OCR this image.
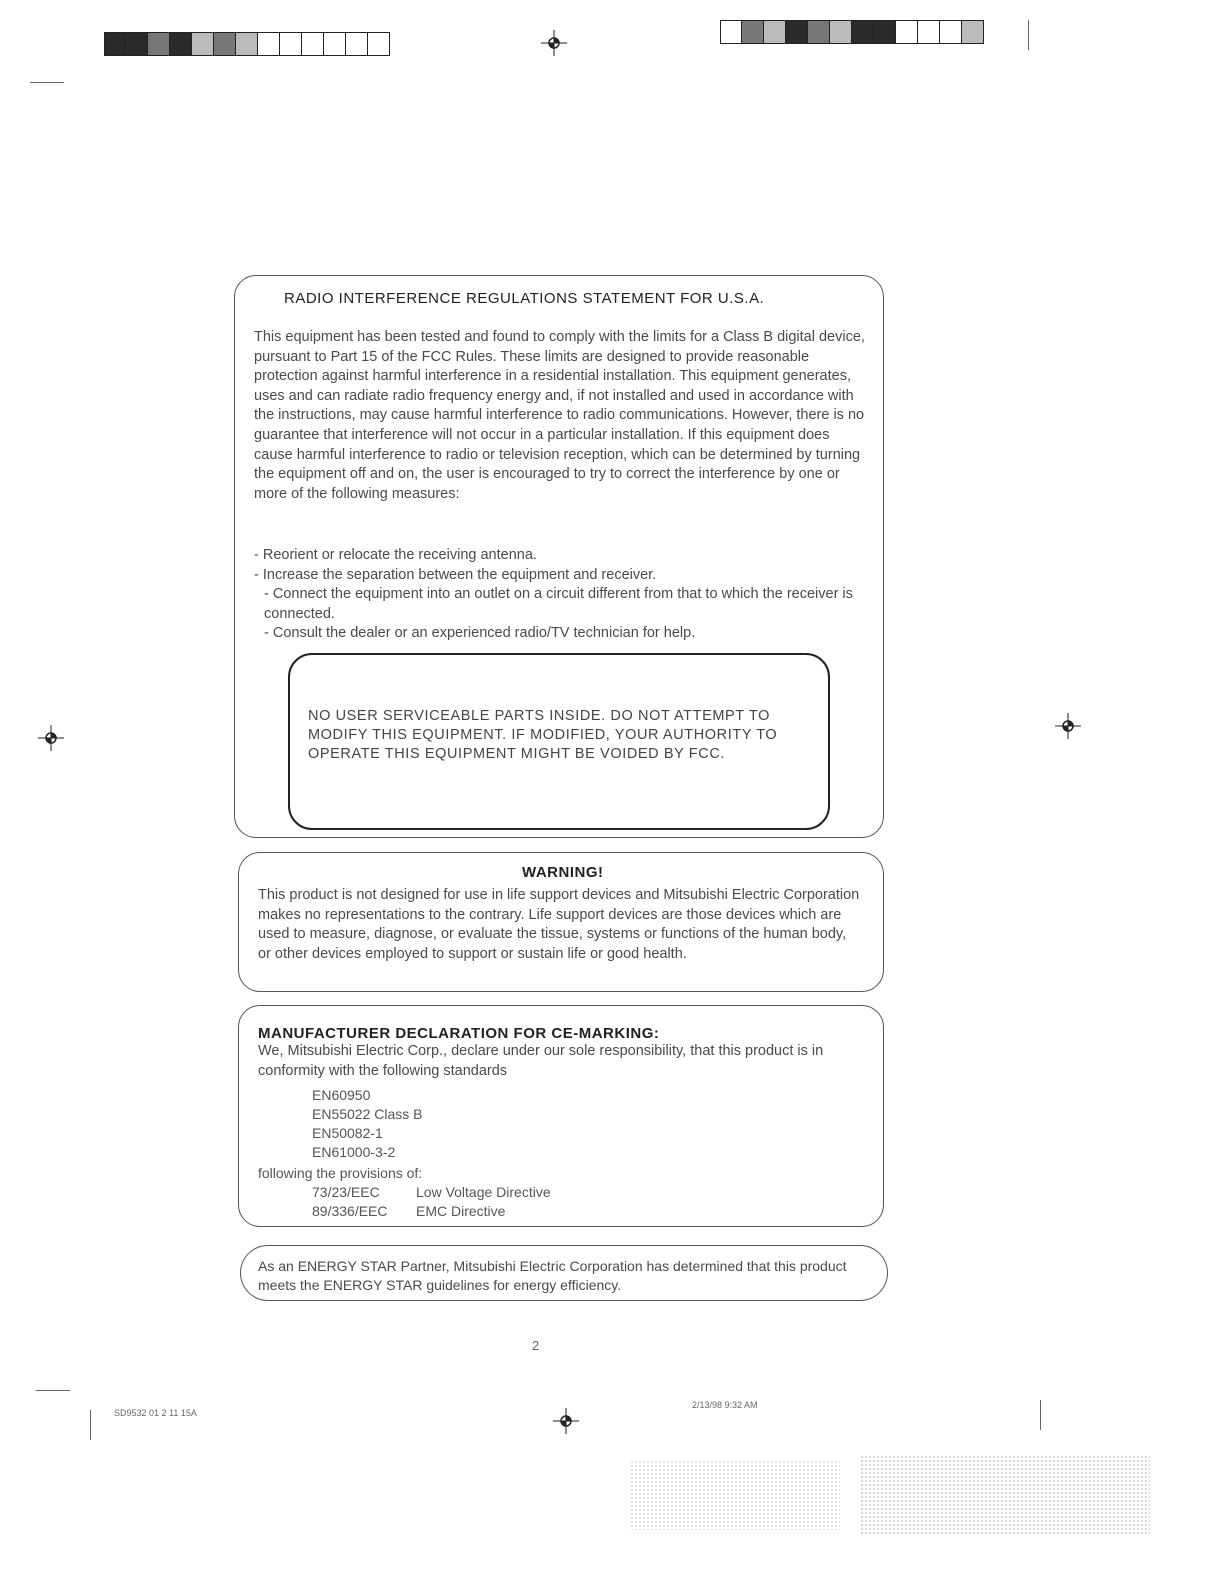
RADIO INTERFERENCE REGULATIONS STATEMENT FOR U.S.A.
This equipment has been tested and found to comply with the limits for a Class B digital device, pursuant to Part 15 of the FCC Rules. These limits are designed to provide reasonable protection against harmful interference in a residential installation. This equipment generates, uses and can radiate radio frequency energy and, if not installed and used in accordance with the instructions, may cause harmful interference to radio communications. However, there is no guarantee that interference will not occur in a particular installation. If this equipment does cause harmful interference to radio or television reception, which can be determined by turning the equipment off and on, the user is encouraged to try to correct the interference by one or more of the following measures:
- Reorient or relocate the receiving antenna.
- Increase the separation between the equipment and receiver.
- Connect the equipment into an outlet on a circuit different from that to which the receiver is connected.
- Consult the dealer or an experienced radio/TV technician for help.
NO USER SERVICEABLE PARTS INSIDE. DO NOT ATTEMPT TO MODIFY THIS EQUIPMENT. IF MODIFIED, YOUR AUTHORITY TO OPERATE THIS EQUIPMENT MIGHT BE VOIDED BY FCC.
WARNING!
This product is not designed for use in life support devices and Mitsubishi Electric Corporation makes no representations to the contrary. Life support devices are those devices which are used to measure, diagnose, or evaluate the tissue, systems or functions of the human body, or other devices employed to support or sustain life or good health.
MANUFACTURER DECLARATION FOR CE-MARKING:
We, Mitsubishi Electric Corp., declare under our sole responsibility, that this product is in conformity with the following standards
EN60950
EN55022 Class B
EN50082-1
EN61000-3-2
following the provisions of:
73/23/EEC	Low Voltage Directive
89/336/EEC	EMC Directive
As an ENERGY STAR Partner, Mitsubishi Electric Corporation has determined that this product meets the ENERGY STAR guidelines for energy efficiency.
2
SD9532 01 2 11 15A
2/13/98 9:32 AM
